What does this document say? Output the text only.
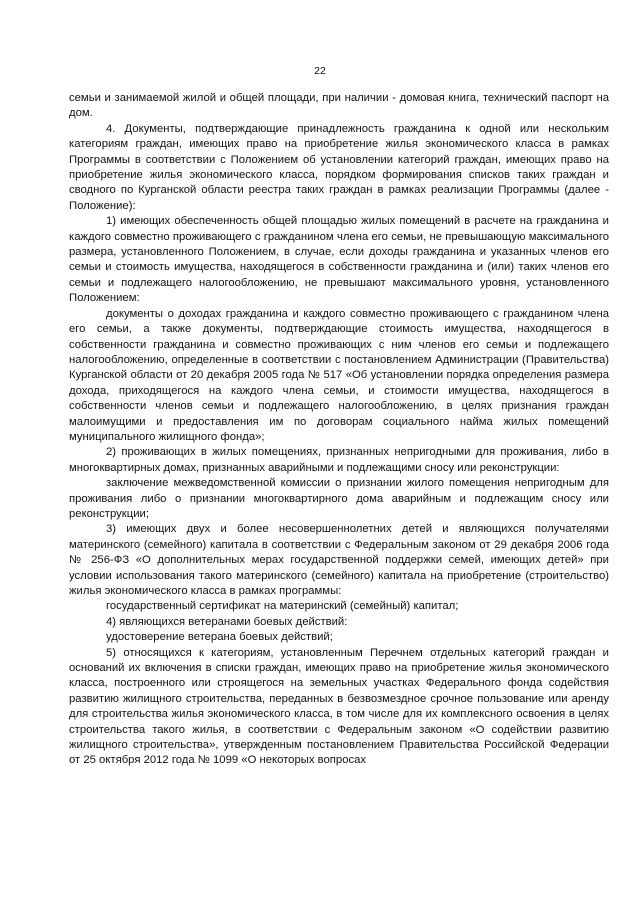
22

семьи и занимаемой жилой и общей площади, при наличии - домовая книга, технический паспорт на дом.

4. Документы, подтверждающие принадлежность гражданина к одной или нескольким категориям граждан, имеющих право на приобретение жилья экономического класса в рамках Программы в соответствии с Положением об установлении категорий граждан, имеющих право на приобретение жилья экономического класса, порядком формирования списков таких граждан и сводного по Курганской области реестра таких граждан в рамках реализации Программы (далее - Положение):

1) имеющих обеспеченность общей площадью жилых помещений в расчете на гражданина и каждого совместно проживающего с гражданином члена его семьи, не превышающую максимального размера, установленного Положением, в случае, если доходы гражданина и указанных членов его семьи и стоимость имущества, находящегося в собственности гражданина и (или) таких членов его семьи и подлежащего налогообложению, не превышают максимального уровня, установленного Положением:

документы о доходах гражданина и каждого совместно проживающего с гражданином члена его семьи, а также документы, подтверждающие стоимость имущества, находящегося в собственности гражданина и совместно проживающих с ним членов его семьи и подлежащего налогообложению, определенные в соответствии с постановлением Администрации (Правительства) Курганской области от 20 декабря 2005 года № 517 «Об установлении порядка определения размера дохода, приходящегося на каждого члена семьи, и стоимости имущества, находящегося в собственности членов семьи и подлежащего налогообложению, в целях признания граждан малоимущими и предоставления им по договорам социального найма жилых помещений муниципального жилищного фонда»;

2) проживающих в жилых помещениях, признанных непригодными для проживания, либо в многоквартирных домах, признанных аварийными и подлежащими сносу или реконструкции:

заключение межведомственной комиссии о признании жилого помещения непригодным для проживания либо о признании многоквартирного дома аварийным и подлежащим сносу или реконструкции;

3) имеющих двух и более несовершеннолетних детей и являющихся получателями материнского (семейного) капитала в соответствии с Федеральным законом от 29 декабря 2006 года № 256-ФЗ «О дополнительных мерах государственной поддержки семей, имеющих детей» при условии использования такого материнского (семейного) капитала на приобретение (строительство) жилья экономического класса в рамках программы:

государственный сертификат на материнский (семейный) капитал;

4) являющихся ветеранами боевых действий:

удостоверение ветерана боевых действий;

5) относящихся к категориям, установленным Перечнем отдельных категорий граждан и оснований их включения в списки граждан, имеющих право на приобретение жилья экономического класса, построенного или строящегося на земельных участках Федерального фонда содействия развитию жилищного строительства, переданных в безвозмездное срочное пользование или аренду для строительства жилья экономического класса, в том числе для их комплексного освоения в целях строительства такого жилья, в соответствии с Федеральным законом «О содействии развитию жилищного строительства», утвержденным постановлением Правительства Российской Федерации от 25 октября 2012 года № 1099 «О некоторых вопросах
